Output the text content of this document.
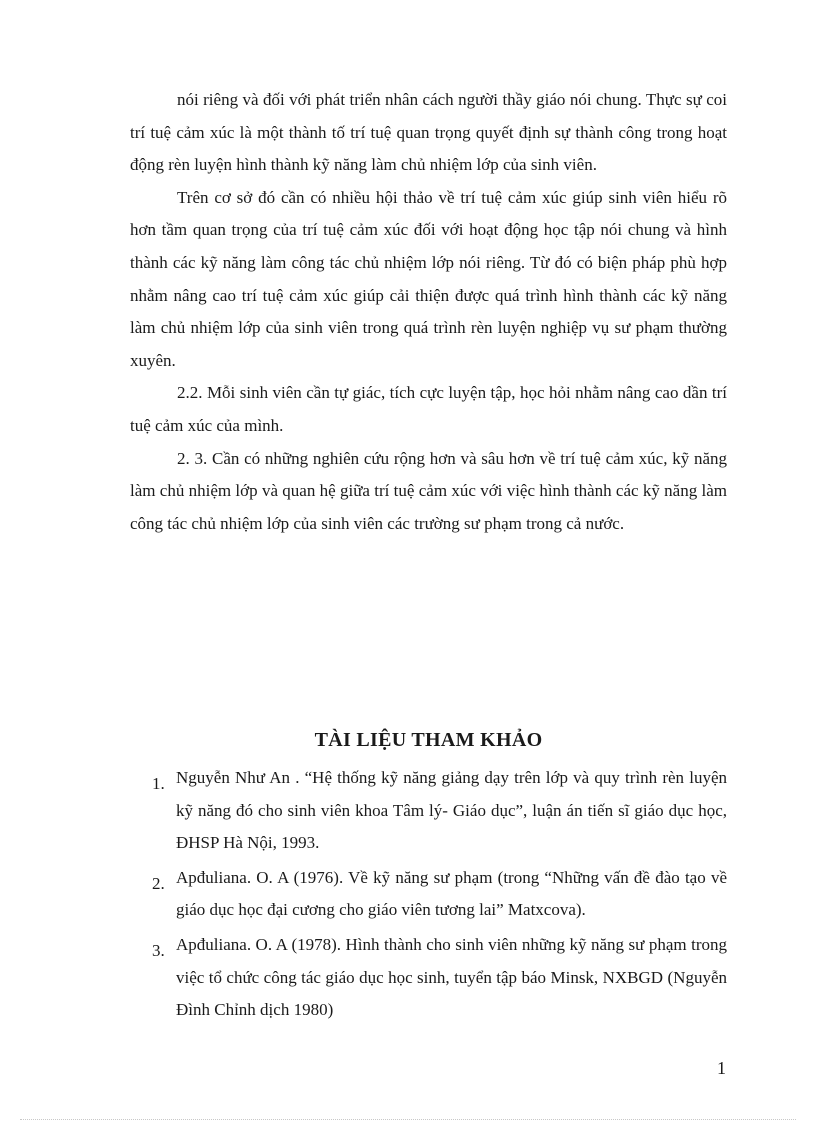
nói riêng và đối với phát triển nhân cách người thầy giáo nói chung. Thực sự coi trí tuệ cảm xúc là một thành tố trí tuệ quan trọng quyết định sự thành công trong hoạt động rèn luyện hình thành kỹ năng làm chủ nhiệm lớp của sinh viên.

Trên cơ sở đó cần có nhiều hội thảo về trí tuệ cảm xúc giúp sinh viên hiểu rõ hơn tầm quan trọng của trí tuệ cảm xúc đối với hoạt động học tập nói chung và hình thành các kỹ năng làm công tác chủ nhiệm lớp nói riêng. Từ đó có biện pháp phù hợp nhằm nâng cao trí tuệ cảm xúc giúp cải thiện được quá trình hình thành các kỹ năng làm chủ nhiệm lớp của sinh viên trong quá trình rèn luyện nghiệp vụ sư phạm thường xuyên.

2.2. Mỗi sinh viên cần tự giác, tích cực luyện tập, học hỏi nhằm nâng cao dần trí tuệ cảm xúc của mình.

2. 3. Cần có những nghiên cứu rộng hơn và sâu hơn về trí tuệ cảm xúc, kỹ năng làm chủ nhiệm lớp và quan hệ giữa trí tuệ cảm xúc với việc hình thành các kỹ năng làm công tác chủ nhiệm lớp của sinh viên các trường sư phạm trong cả nước.

TÀI LIỆU THAM KHẢO
1. Nguyễn Như An . “Hệ thống kỹ năng giảng dạy trên lớp và quy trình rèn luyện kỹ năng đó cho sinh viên khoa Tâm lý- Giáo dục”, luận án tiến sĩ giáo dục học, ĐHSP Hà Nội, 1993.

2. Apđuliana. O. A (1976). Về kỹ năng sư phạm (trong “Những vấn đề đào tạo về giáo dục học đại cương cho giáo viên tương lai” Matxcova).

3. Apđuliana. O. A (1978). Hình thành cho sinh viên những kỹ năng sư phạm trong việc tổ chức công tác giáo dục học sinh, tuyển tập báo Minsk, NXBGD (Nguyễn Đình Chỉnh dịch 1980)

1
